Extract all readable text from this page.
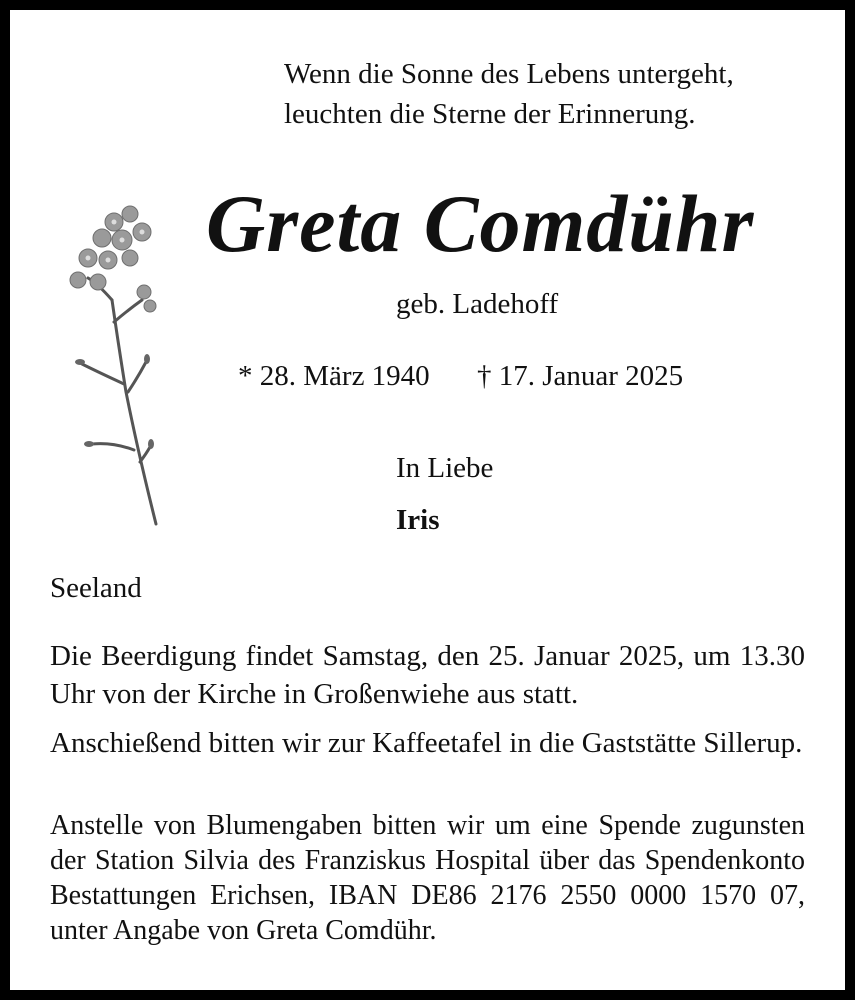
Wenn die Sonne des Lebens untergeht,
leuchten die Sterne der Erinnerung.
Greta Comdühr
geb. Ladehoff
* 28. März 1940 † 17. Januar 2025
In Liebe
Iris
Seeland
Die Beerdigung findet Samstag, den 25. Januar 2025, um 13.30 Uhr von der Kirche in Großenwiehe aus statt.
Anschießend bitten wir zur Kaffeetafel in die Gaststätte Sillerup.
Anstelle von Blumengaben bitten wir um eine Spende zugunsten der Station Silvia des Franziskus Hospital über das Spendenkonto Bestattungen Erichsen, IBAN DE86 2176 2550 0000 1570 07, unter Angabe von Greta Comdühr.
